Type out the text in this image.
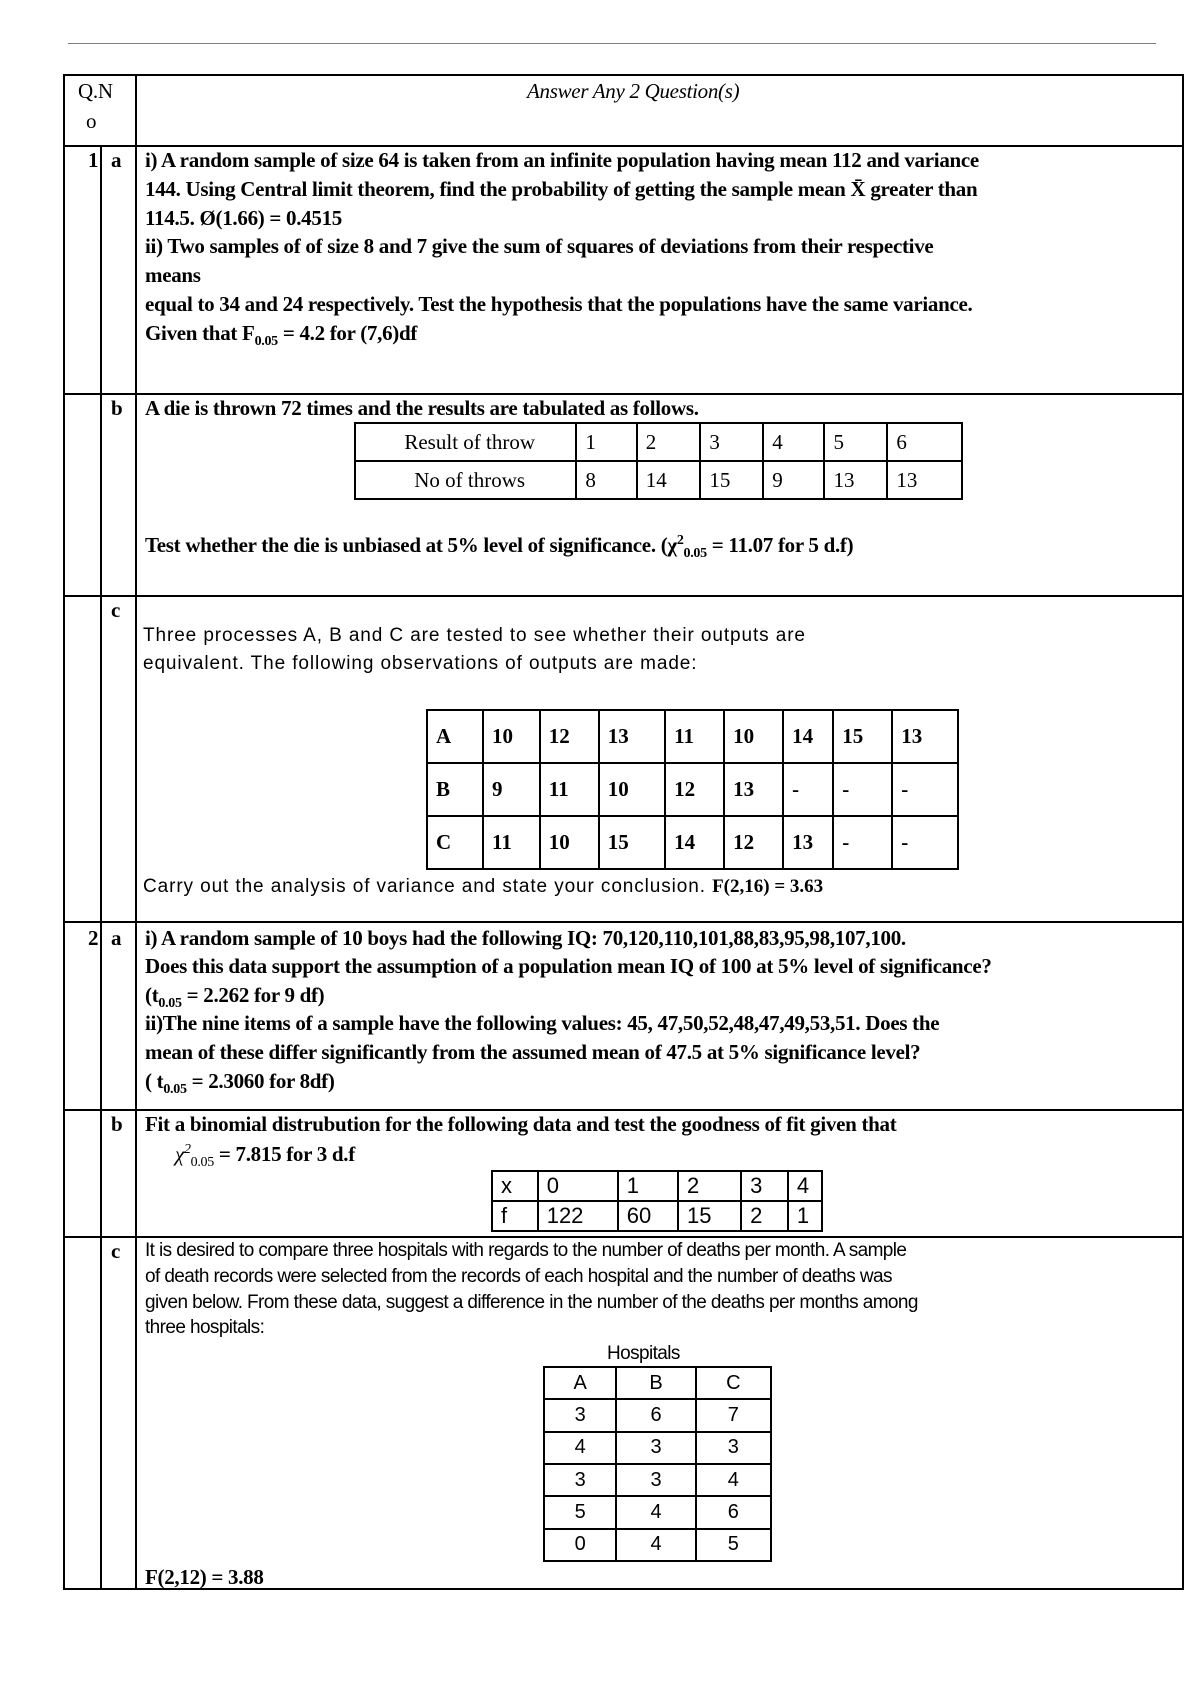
Q.N
o
Answer Any 2 Question(s)
1 a i) A random sample of size 64 is taken from an infinite population having mean 112 and variance
144. Using Central limit theorem, find the probability of getting the sample mean X̄ greater than
114.5. Ø(1.66) = 0.4515
ii) Two samples of of size 8 and 7 give the sum of squares of deviations from their respective
means
equal to 34 and 24 respectively. Test the hypothesis that the populations have the same variance.
Given that $F_{0.05} = 4.2$ for (7,6)df
b A die is thrown 72 times and the results are tabulated as follows.
Result of throw	1	2	3	4	5	6
No of throws	8	14	15	9	13	13
Test whether the die is unbiased at 5% level of significance. ($\chi^2_{0.05} = 11.07$ for 5 d.f)
c
Three processes A, B and C are tested to see whether their outputs are
equivalent. The following observations of outputs are made:
A	10	12	13	11	10	14	15	13
B	9	11	10	12	13	-	-	-
C	11	10	15	14	12	13	-	-
Carry out the analysis of variance and state your conclusion. F(2,16) = 3.63
2 a i) A random sample of 10 boys had the following IQ: 70,120,110,101,88,83,95,98,107,100.
Does this data support the assumption of a population mean IQ of 100 at 5% level of significance?
($t_{0.05} = 2.262$ for 9 df)
ii)The nine items of a sample have the following values: 45, 47,50,52,48,47,49,53,51. Does the
mean of these differ significantly from the assumed mean of 47.5 at 5% significance level?
( $t_{0.05} = 2.3060$ for 8df)
b Fit a binomial distrubution for the following data and test the goodness of fit given that
$\chi^2_{0.05} = 7.815$ for 3 d.f
x	0	1	2	3	4
f	122	60	15	2	1
c It is desired to compare three hospitals with regards to the number of deaths per month. A sample
of death records were selected from the records of each hospital and the number of deaths was
given below. From these data, suggest a difference in the number of the deaths per months among
three hospitals:
Hospitals
A	B	C
3	6	7
4	3	3
3	3	4
5	4	6
0	4	5
F(2,12) = 3.88
